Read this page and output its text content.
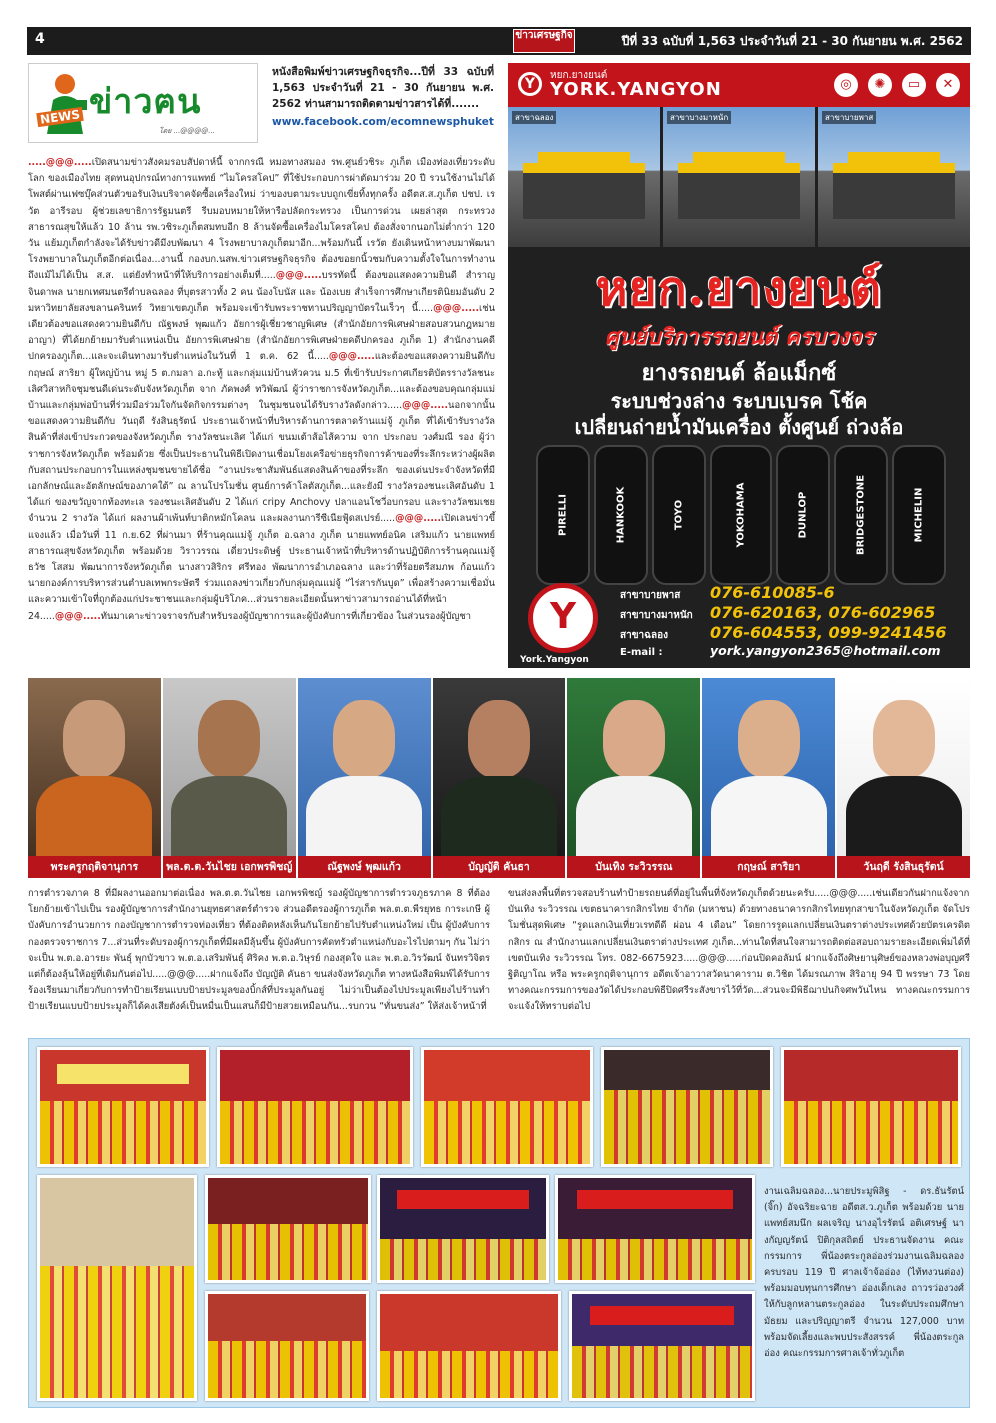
4	ข่าวเศรษฐกิจ	ปีที่ 33 ฉบับที่ 1,563 ประจำวันที่ 21 - 30 กันยายน พ.ศ. 2562
NEWS ข่าวฅน
โดย ...@@@@...
หนังสือพิมพ์ข่าวเศรษฐกิจธุรกิจ...ปีที่ 33 ฉบับที่ 1,563 ประจำวันที่ 21 - 30 กันยายน พ.ศ. 2562 ท่านสามารถติดตามข่าวสารได้ที่.......
www.facebook.com/ecomnewsphuket
.....@@@.....เปิดสนามข่าวสังคมรอบสัปดาห์นี้ จากกรณี หมอทางสมอง รพ.ศูนย์วชิระ ภูเก็ต เมืองท่องเที่ยวระดับโลก ของเมืองไทย สุดทนอุปกรณ์ทางการแพทย์ “ไมโครสโคป” ที่ใช้ประกอบการผ่าตัดมาร่วม 20 ปี รวนใช้งานไม่ได้ โพสต์ผ่านเฟซบุ๊คส่วนตัวขอรับเงินบริจาคจัดซื้อเครื่องใหม่ ว่าของบตามระบบถูกเขี่ยทิ้งทุกครั้ง อดีตส.ส.ภูเก็ต ปชป. เรวัต อารีรอบ ผู้ช่วยเลขาธิการรัฐมนตรี รีบมอบหมายให้หารือปลัดกระทรวง เป็นการด่วน เผยล่าสุด กระทรวงสาธารณสุขให้แล้ว 10 ล้าน รพ.วชิระภูเก็ตสมทบอีก 8 ล้านจัดซื้อเครื่องไมโครสโคป ต้องสั่งจากนอกไม่ต่ำกว่า 120 วัน แย้มภูเก็ตกำลังจะได้รับข่าวดีมีงบพัฒนา 4 โรงพยาบาลภูเก็ตมาอีก...พร้อมกันนี้ เรวัต ยังเดินหน้าหางบมาพัฒนาโรงพยาบาลในภูเก็ตอีกต่อเนื่อง...งานนี้ กองบก.นสพ.ข่าวเศรษฐกิจธุรกิจ ต้องขอยกนิ้วชมกับความตั้งใจในการทำงาน ถึงแม้ไม่ได้เป็น ส.ส. แต่ยังทำหน้าที่ให้บริการอย่างเต็มที่.....@@@.....บรรทัดนี้ ต้องขอแสดงความยินดี สำราญ จินดาพล นายกเทศมนตรีตำบลฉลอง ที่บุตรสาวทั้ง 2 คน น้องโบนัส และ น้องเบย สำเร็จการศึกษาเกียรตินิยมอันดับ 2 มหาวิทยาลัยสงขลานครินทร์ วิทยาเขตภูเก็ต พร้อมจะเข้ารับพระราชทานปริญญาบัตรในเร็วๆ นี้.....@@@.....เช่นเดียวต้องขอแสดงความยินดีกับ ณัฐพงษ์ พุฒแก้ว อัยการผู้เชี่ยวชาญพิเศษ (สำนักอัยการพิเศษฝ่ายสอบสวนกฎหมายอาญา) ที่ได้ยกย้ายมารับตำแหน่งเป็น อัยการพิเศษฝ่าย (สำนักอัยการพิเศษฝ่ายคดีปกครอง ภูเก็ต 1) สำนักงานคดีปกครองภูเก็ต...และจะเดินทางมารับตำแหน่งในวันที่ 1 ต.ค. 62 นี้.....@@@.....และต้องขอแสดงความยินดีกับ กฤษณ์ สาริยา ผู้ใหญ่บ้าน หมู่ 5 ต.กมลา อ.กะทู้ และกลุ่มแม่บ้านหัวควน ม.5 ที่เข้ารับประกาศเกียรติบัตรรางวัลชนะเลิศวิสาหกิจชุมชนดีเด่นระดับจังหวัดภูเก็ต จาก ภัคพงศ์ ทวิพัฒน์ ผู้ว่าราชการจังหวัดภูเก็ต...และต้องขอบคุณกลุ่มแม่บ้านและกลุ่มพ่อบ้านที่ร่วมมือร่วมใจกันจัดกิจกรรมต่างๆ ในชุมชนจนได้รับรางวัลดังกล่าว.....@@@.....นอกจากนั้น ขอแสดงความยินดีกับ วันฤดี รังสินธุรัตน์ ประธานเจ้าหน้าที่บริหารด้านการตลาดร้านแม่จู้ ภูเก็ต ที่ได้เข้ารับรางวัลสินค้าที่ส่งเข้าประกวดของจังหวัดภูเก็ต รางวัลชนะเลิศ ได้แก่ ขนมเต้าส้อไส้ความ จาก ประกอบ วงศ์มณี รอง ผู้ว่าราชการจังหวัดภูเก็ต พร้อมด้วย ซึ่งเป็นประธานในพิธีเปิดงานเชื่อมโยงเครือข่ายธุรกิจการค้าของที่ระลึกระหว่างผู้ผลิตกับสถานประกอบการในแหล่งชุมชนขายได้ชื่อ “งานประชาสัมพันธ์แสดงสินค้าของที่ระลึก ของเด่นประจำจังหวัดที่มีเอกลักษณ์และอัตลักษณ์ของภาคใต้” ณ ลานโปรโมชั่น ศูนย์การค้าโลตัสภูเก็ต...และยังมี รางวัลรองชนะเลิศอันดับ 1 ได้แก่ ของขวัญจากท้องทะเล รองชนะเลิศอันดับ 2 ได้แก่ cripy Anchovy ปลาแอนโชวี่อบกรอบ และรางวัลชมเชยจำนวน 2 รางวัล ได้แก่ ผลงานผ้าเพ้นท์บาติกหมักโคลน และผลงานการีซีเนียฟู้ดสเปรย์.....@@@.....เปิดเลนข่าวขึ้แจงแล้ว เมื่อวันที่ 11 ก.ย.62 ที่ผ่านมา ที่ร้านคุณแม่จู้ ภูเก็ต อ.ฉลาง ภูเก็ต นายแพทย์อนิค เสริมแก้ว นายแพทย์สาธารณสุขจังหวัดภูเก็ต พร้อมด้วย วิราวรรณ เดี่ยวประดิษฐ์ ประธานเจ้าหน้าที่บริหารด้านปฏิบัติการร้านคุณแม่จู้ ธวัช โสสม พัฒนาการจังหวัดภูเก็ต นางสาวสิริกร ศรีทอง พัฒนาการอำเภอฉลาง และว่าที่ร้อยตรีสมภพ ก้อนแก้ว นายกองค์การบริหารส่วนตำบลเทพกระษัตรี ร่วมแถลงข่าวเกี่ยวกับกลุ่มคุณแม่จู้ “ไร่สารกันบูด” เพื่อสร้างความเชื่อมั่นและความเข้าใจที่ถูกต้องแก่ประชาชนและกลุ่มผู้บริโภค...ส่วนรายละเอียดนั้นหาข่าวสามารถอ่านได้ที่หน้า 24.....@@@.....ทันมาเคาะข่าวจราจรกับสำหรับรองผู้บัญชาการและผู้บังคับการที่เกี่ยวข้อง ในส่วนรองผู้บัญชา
Y
หยก.ยางยนต์
YORK.YANGYON	◎	✺	▭	✕
สาขาฉลอง	สาขาบางมาหนัก	สาขาบายพาส
หยก.ยางยนต์
ศูนย์บริการรถยนต์ ครบวงจร
ยางรถยนต์ ล้อแม็กซ์
ระบบช่วงล่าง ระบบเบรค โช้ค
เปลี่ยนถ่ายน้ำมันเครื่อง ตั้งศูนย์ ถ่วงล้อ
PIRELLI	HANKOOK	TOYO	YOKOHAMA	DUNLOP	BRIDGESTONE	MICHELIN
Y
York.Yangyon
สาขาบายพาส	076-610085-6
สาขาบางมาหนัก	076-620163, 076-602965
สาขาฉลอง	076-604553, 099-9241456
E-mail :	york.yangyon2365@hotmail.com
พระครูกฤติจานุการ	พล.ต.ต.วันไชย เอกพรพิชญ์	ณัฐพงษ์ พุฒแก้ว	บัญญัติ คันธา	บันเทิง ระวิวรรณ	กฤษณ์ สาริยา	วันฤดี รังสินธุรัตน์
การตำรวจภาค 8 ที่มีผลงานออกมาต่อเนื่อง พล.ต.ต.วันไชย เอกพรพิชญ์ รองผู้บัญชาการตำรวจภูธรภาค 8 ที่ต้องโยกย้ายเข้าไปเป็น รองผู้บัญชาการสำนักงานยุทธศาสตร์ตำรวจ ส่วนอดีตรองผู้การภูเก็ต พล.ต.ต.พีรยุทธ การะเกษี ผู้บังคับการอำนวยการ กองบัญชาการตำรวจท่องเที่ยว ที่ต้องติดหลังเห็นกันโยกย้ายไปรับตำแหน่งใหม่ เป็น ผู้บังคับการกองตรวจราชการ 7...ส่วนที่ระดับรองผู้การภูเก็ตที่มีผลมีลุ้นขึ้น ผู้บังคับการคัดทรัวตำแหน่งกับอะไรไปตามๆ กัน ไม่ว่าจะเป็น พ.ต.อ.อารยะ พันธุ์ พุกบัวขาว พ.ต.อ.เสริมพันธุ์ ศิริคง พ.ต.อ.วิษุรย์ กองสุดใจ และ พ.ต.อ.วิรวัฒน์ จันทรวิจิตร แต่ก็ต้องลุ้นให้อยู่ที่เดิมกันต่อไป.....@@@.....ฝากแจ้งถึง บัญญัติ คันธา ขนส่งจังหวัดภูเก็ต ทางหนังสือพิมพ์ได้รับการร้องเรียนมาเกี่ยวกับการทำป้ายเรียนแบบป้ายประมูลของบิ้กส์ที่ประมูลกันอยู่ ไม่ว่าเป็นต้องไปประมูลเพียงไปร้านทำป้ายเรียนแบบป้ายประมูลก็ได้คงเสียตังค์เป็นหมื่นเป็นแสนก็มีป้ายสวยเหมือนกัน...รบกวน “ทั่นขนส่ง” ให้ส่งเจ้าหน้าที่
ขนส่งลงพื้นที่ตรวจสอบร้านทำป้ายรถยนต์ที่อยู่ในพื้นที่จังหวัดภูเก็ตด้วยนะครับ.....@@@.....เช่นเดียวกันฝากแจ้งจาก บันเทิง ระวิวรรณ เขตธนาคารกสิกรไทย จำกัด (มหาชน) ด้วยทางธนาคารกสิกรไทยทุกสาขาในจังหวัดภูเก็ต จัดโปรโมชั่นสุดพิเศษ “รูดแลกเงินเที่ยวเรทดีดี ผ่อน 4 เดือน” โดยการรูดแลกเปลี่ยนเงินตราต่างประเทศด้วยบัตรเครดิตกสิกร ณ สำนักงานแลกเปลี่ยนเงินตราต่างประเทศ ภูเก็ต...ท่านใดที่สนใจสามารถติดต่อสอบถามรายละเอียดเพิ่มได้ที่ เขตบันเทิง ระวิวรรณ โทร. 082-6675923.....@@@.....ก่อนปิดคอลัมน์ ฝากแจ้งถึงศิษยานุศิษย์ของหลวงพ่อบุญศรี ฐิติญาโณ หรือ พระครูกฤติจานุการ อดีตเจ้าอาวาสวัดนาคาราม ต.วิชิต ได้มรณภาพ สิริอายุ 94 ปี พรรษา 73 โดยทางคณะกรรมการของวัดได้ประกอบพิธีปิดศรีระสังขารไว้ที่วัด...ส่วนจะมีพิธีฌาปนกิจศพวันไหน ทางคณะกรรมการจะแจ้งให้ทราบต่อไป
งานเฉลิมฉลอง...นายประมูพิสิฐ - ดร.ธันรัตน์ (จิ๊ก) อัจฉริยะฉาย อดีตส.ว.ภูเก็ต พร้อมด้วย นายแพทย์สมนึก ผลเจริญ นางอุไรรัตน์ อติเศรษฐ์ นางกัญญรัตน์ ปิติกุลสถิตย์ ประธานจัดงาน คณะกรรมการ พี่น้องตระกูลอ่องร่วมงานเฉลิมฉลองครบรอบ 119 ปี ศาลเจ้าจ้ออ่อง (ไท้ทงวนต่อง) พร้อมมอบทุนการศึกษา อ่องเด็กเลง ถาวรว่องวงศ์ ให้กับลูกหลานตระกูลอ่อง ในระดับประถมศึกษา มัธยม และปริญญาตรี จำนวน 127,000 บาท พร้อมจัดเลี้ยงและพบประสังสรรค์ พี่น้องตระกูลอ่อง คณะกรรมการศาลเจ้าทั่วภูเก็ต
